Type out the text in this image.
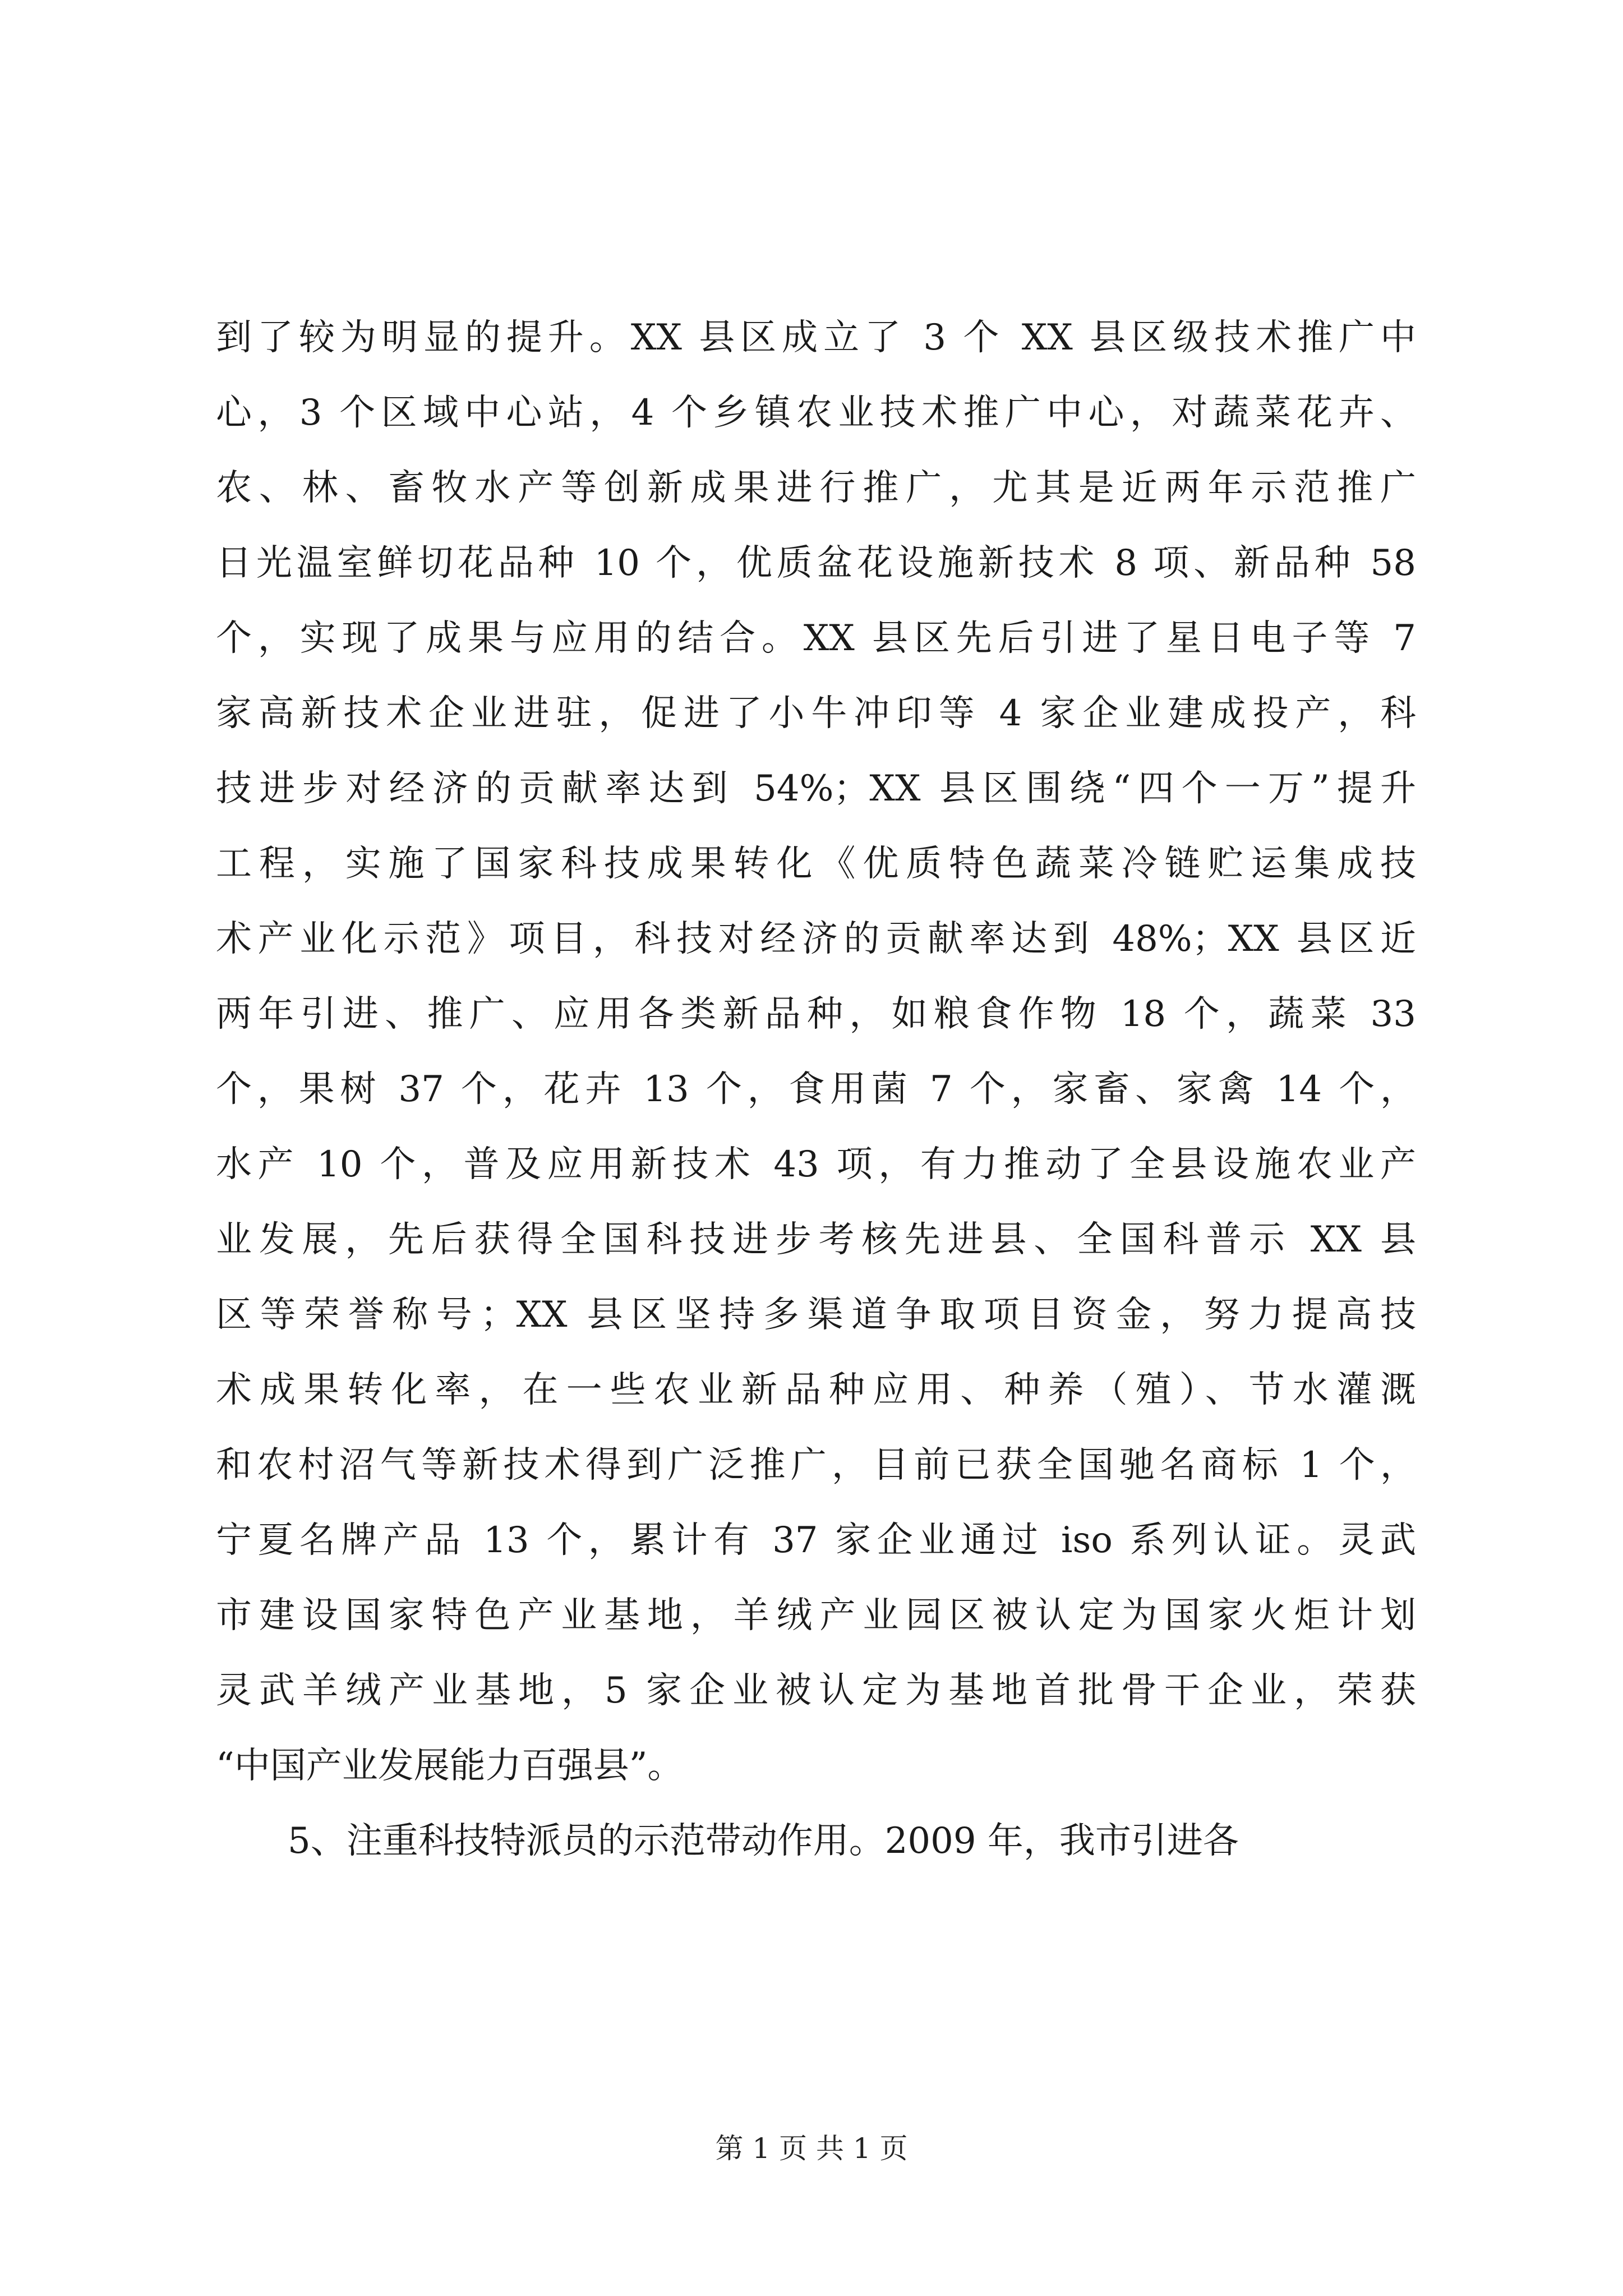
到了较为明显的提升。XX 县区成立了 3 个 XX 县区级技术推广中
心，3 个区域中心站，4 个乡镇农业技术推广中心，对蔬菜花卉、
农、林、畜牧水产等创新成果进行推广，尤其是近两年示范推广
日光温室鲜切花品种 10 个，优质盆花设施新技术 8 项、新品种 58
个，实现了成果与应用的结合。XX 县区先后引进了星日电子等 7
家高新技术企业进驻，促进了小牛冲印等 4 家企业建成投产，科
技进步对经济的贡献率达到 54%；XX 县区围绕“四个一万”提升
工程，实施了国家科技成果转化《优质特色蔬菜冷链贮运集成技
术产业化示范》项目，科技对经济的贡献率达到 48%；XX 县区近
两年引进、推广、应用各类新品种，如粮食作物 18 个，蔬菜 33
个，果树 37 个，花卉 13 个，食用菌 7 个，家畜、家禽 14 个，
水产 10 个，普及应用新技术 43 项，有力推动了全县设施农业产
业发展，先后获得全国科技进步考核先进县、全国科普示 XX 县
区等荣誉称号；XX 县区坚持多渠道争取项目资金，努力提高技
术成果转化率，在一些农业新品种应用、种养（殖）、节水灌溉
和农村沼气等新技术得到广泛推广，目前已获全国驰名商标 1 个，
宁夏名牌产品 13 个，累计有 37 家企业通过 iso 系列认证。灵武
市建设国家特色产业基地，羊绒产业园区被认定为国家火炬计划
灵武羊绒产业基地，5 家企业被认定为基地首批骨干企业，荣获
“中国产业发展能力百强县”。
5、注重科技特派员的示范带动作用。2009 年，我市引进各
第 1 页 共 1 页
